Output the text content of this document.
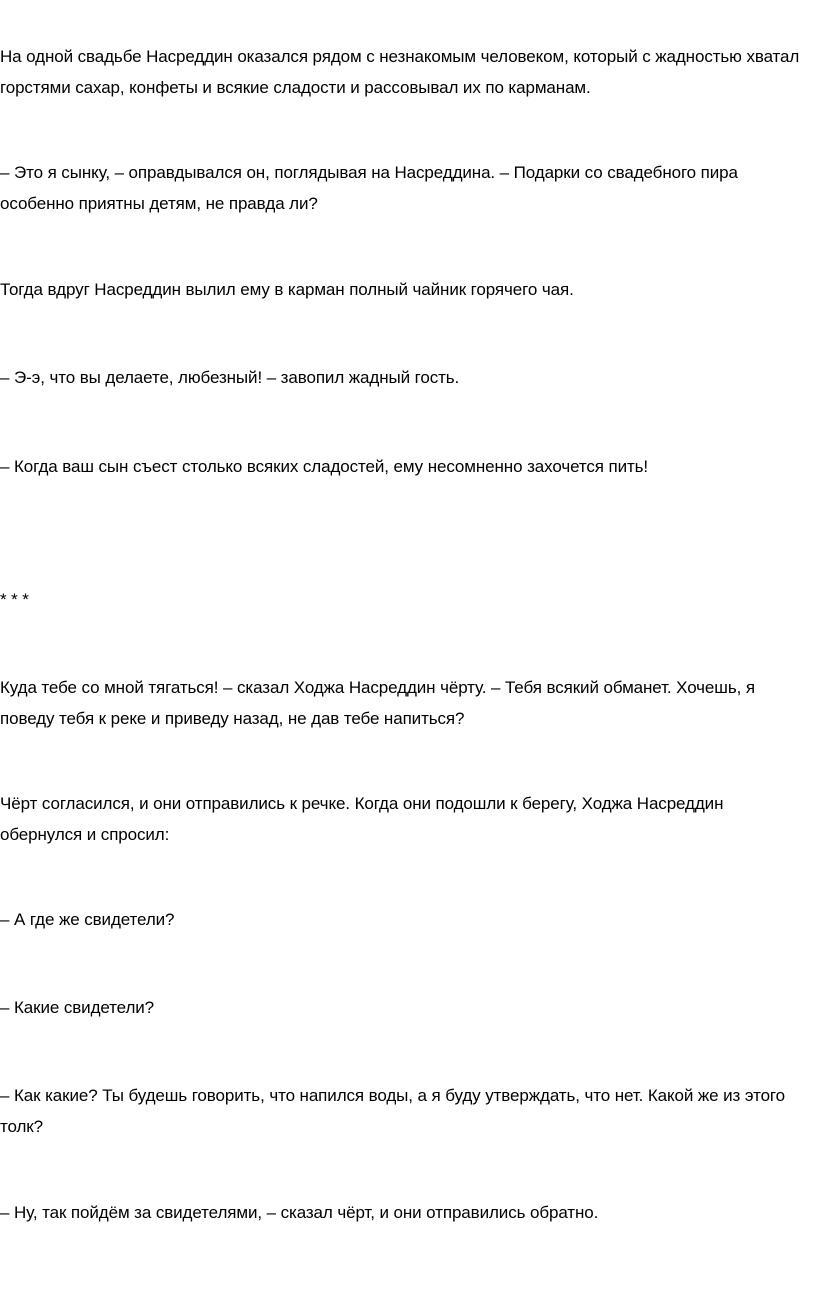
На одной свадьбе Насреддин оказался рядом с незнакомым человеком, который с жадностью хватал горстями сахар, конфеты и всякие сладости и рассовывал их по карманам.

– Это я сынку, – оправдывался он, поглядывая на Насреддина. – Подарки со свадебного пира особенно приятны детям, не правда ли?

Тогда вдруг Насреддин вылил ему в карман полный чайник горячего чая.

– Э-э, что вы делаете, любезный! – завопил жадный гость.

– Когда ваш сын съест столько всяких сладостей, ему несомненно захочется пить!

* * *

Куда тебе со мной тягаться! – сказал Ходжа Насреддин чёрту. – Тебя всякий обманет. Хочешь, я поведу тебя к реке и приведу назад, не дав тебе напиться?

Чёрт согласился, и они отправились к речке. Когда они подошли к берегу, Ходжа Насреддин обернулся и спросил:

– А где же свидетели?

– Какие свидетели?

– Как какие? Ты будешь говорить, что напился воды, а я буду утверждать, что нет. Какой же из этого толк?

– Ну, так пойдём за свидетелями, – сказал чёрт, и они отправились обратно.
